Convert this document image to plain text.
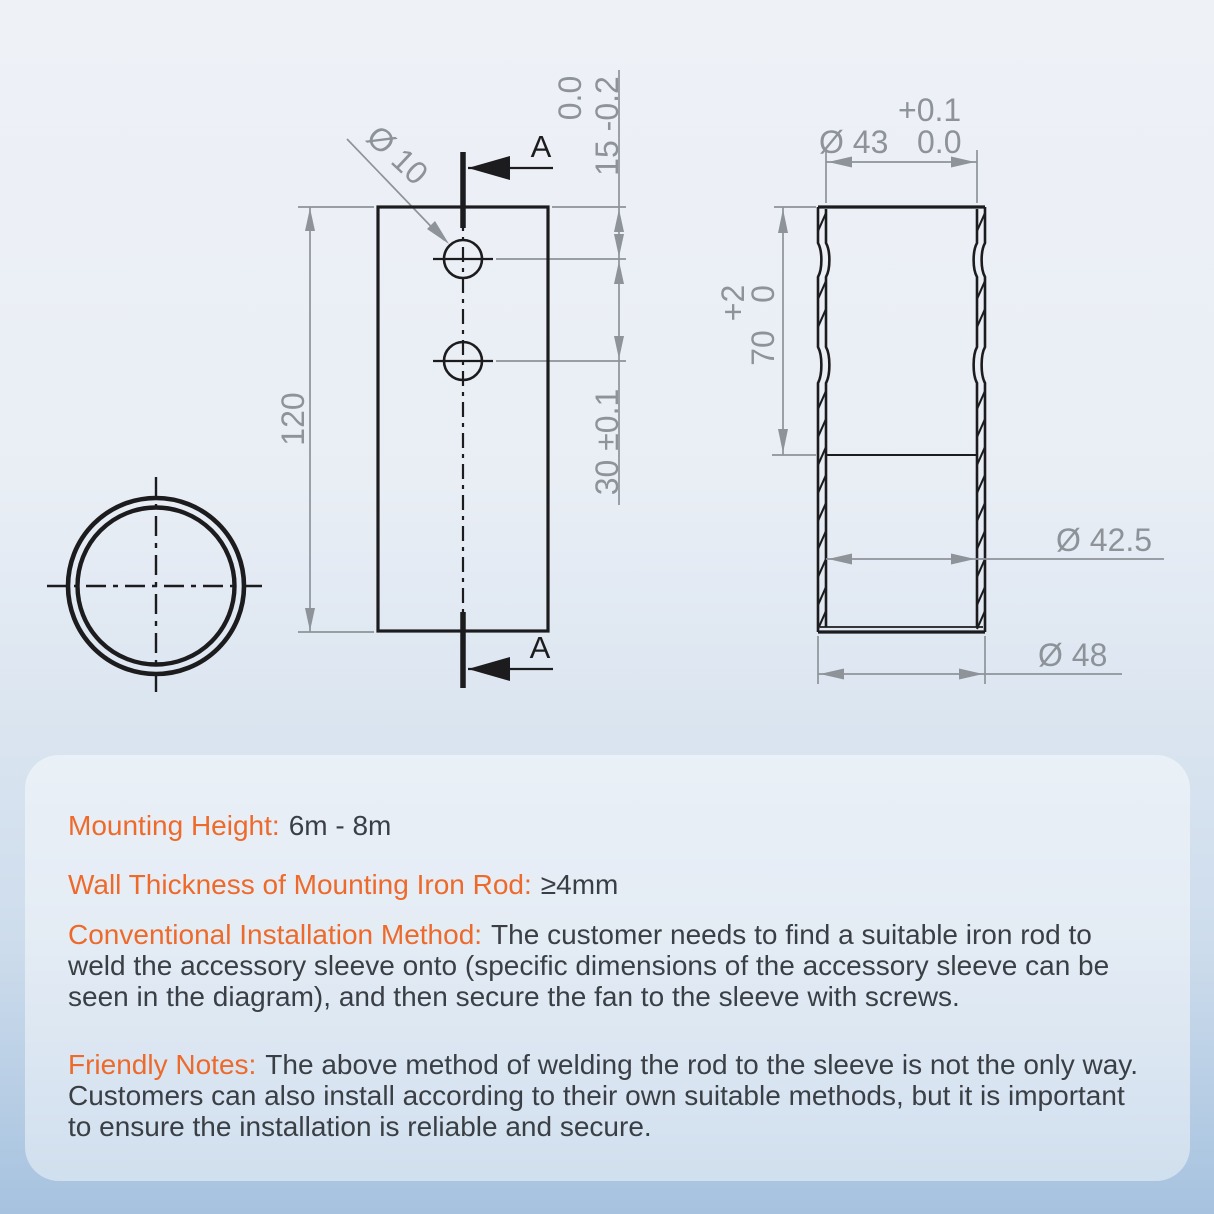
120
Ø 10
0.0 15 -0.2
30 ±0.1
A
A
Ø 43 0.0
+0.1
+2
0
70
Ø 42.5
Ø 48

Mounting Height: 6m - 8m

Wall Thickness of Mounting Iron Rod: ≥4mm

Conventional Installation Method: The customer needs to find a suitable iron rod to weld the accessory sleeve onto (specific dimensions of the accessory sleeve can be seen in the diagram), and then secure the fan to the sleeve with screws.

Friendly Notes: The above method of welding the rod to the sleeve is not the only way. Customers can also install according to their own suitable methods, but it is important to ensure the installation is reliable and secure.
